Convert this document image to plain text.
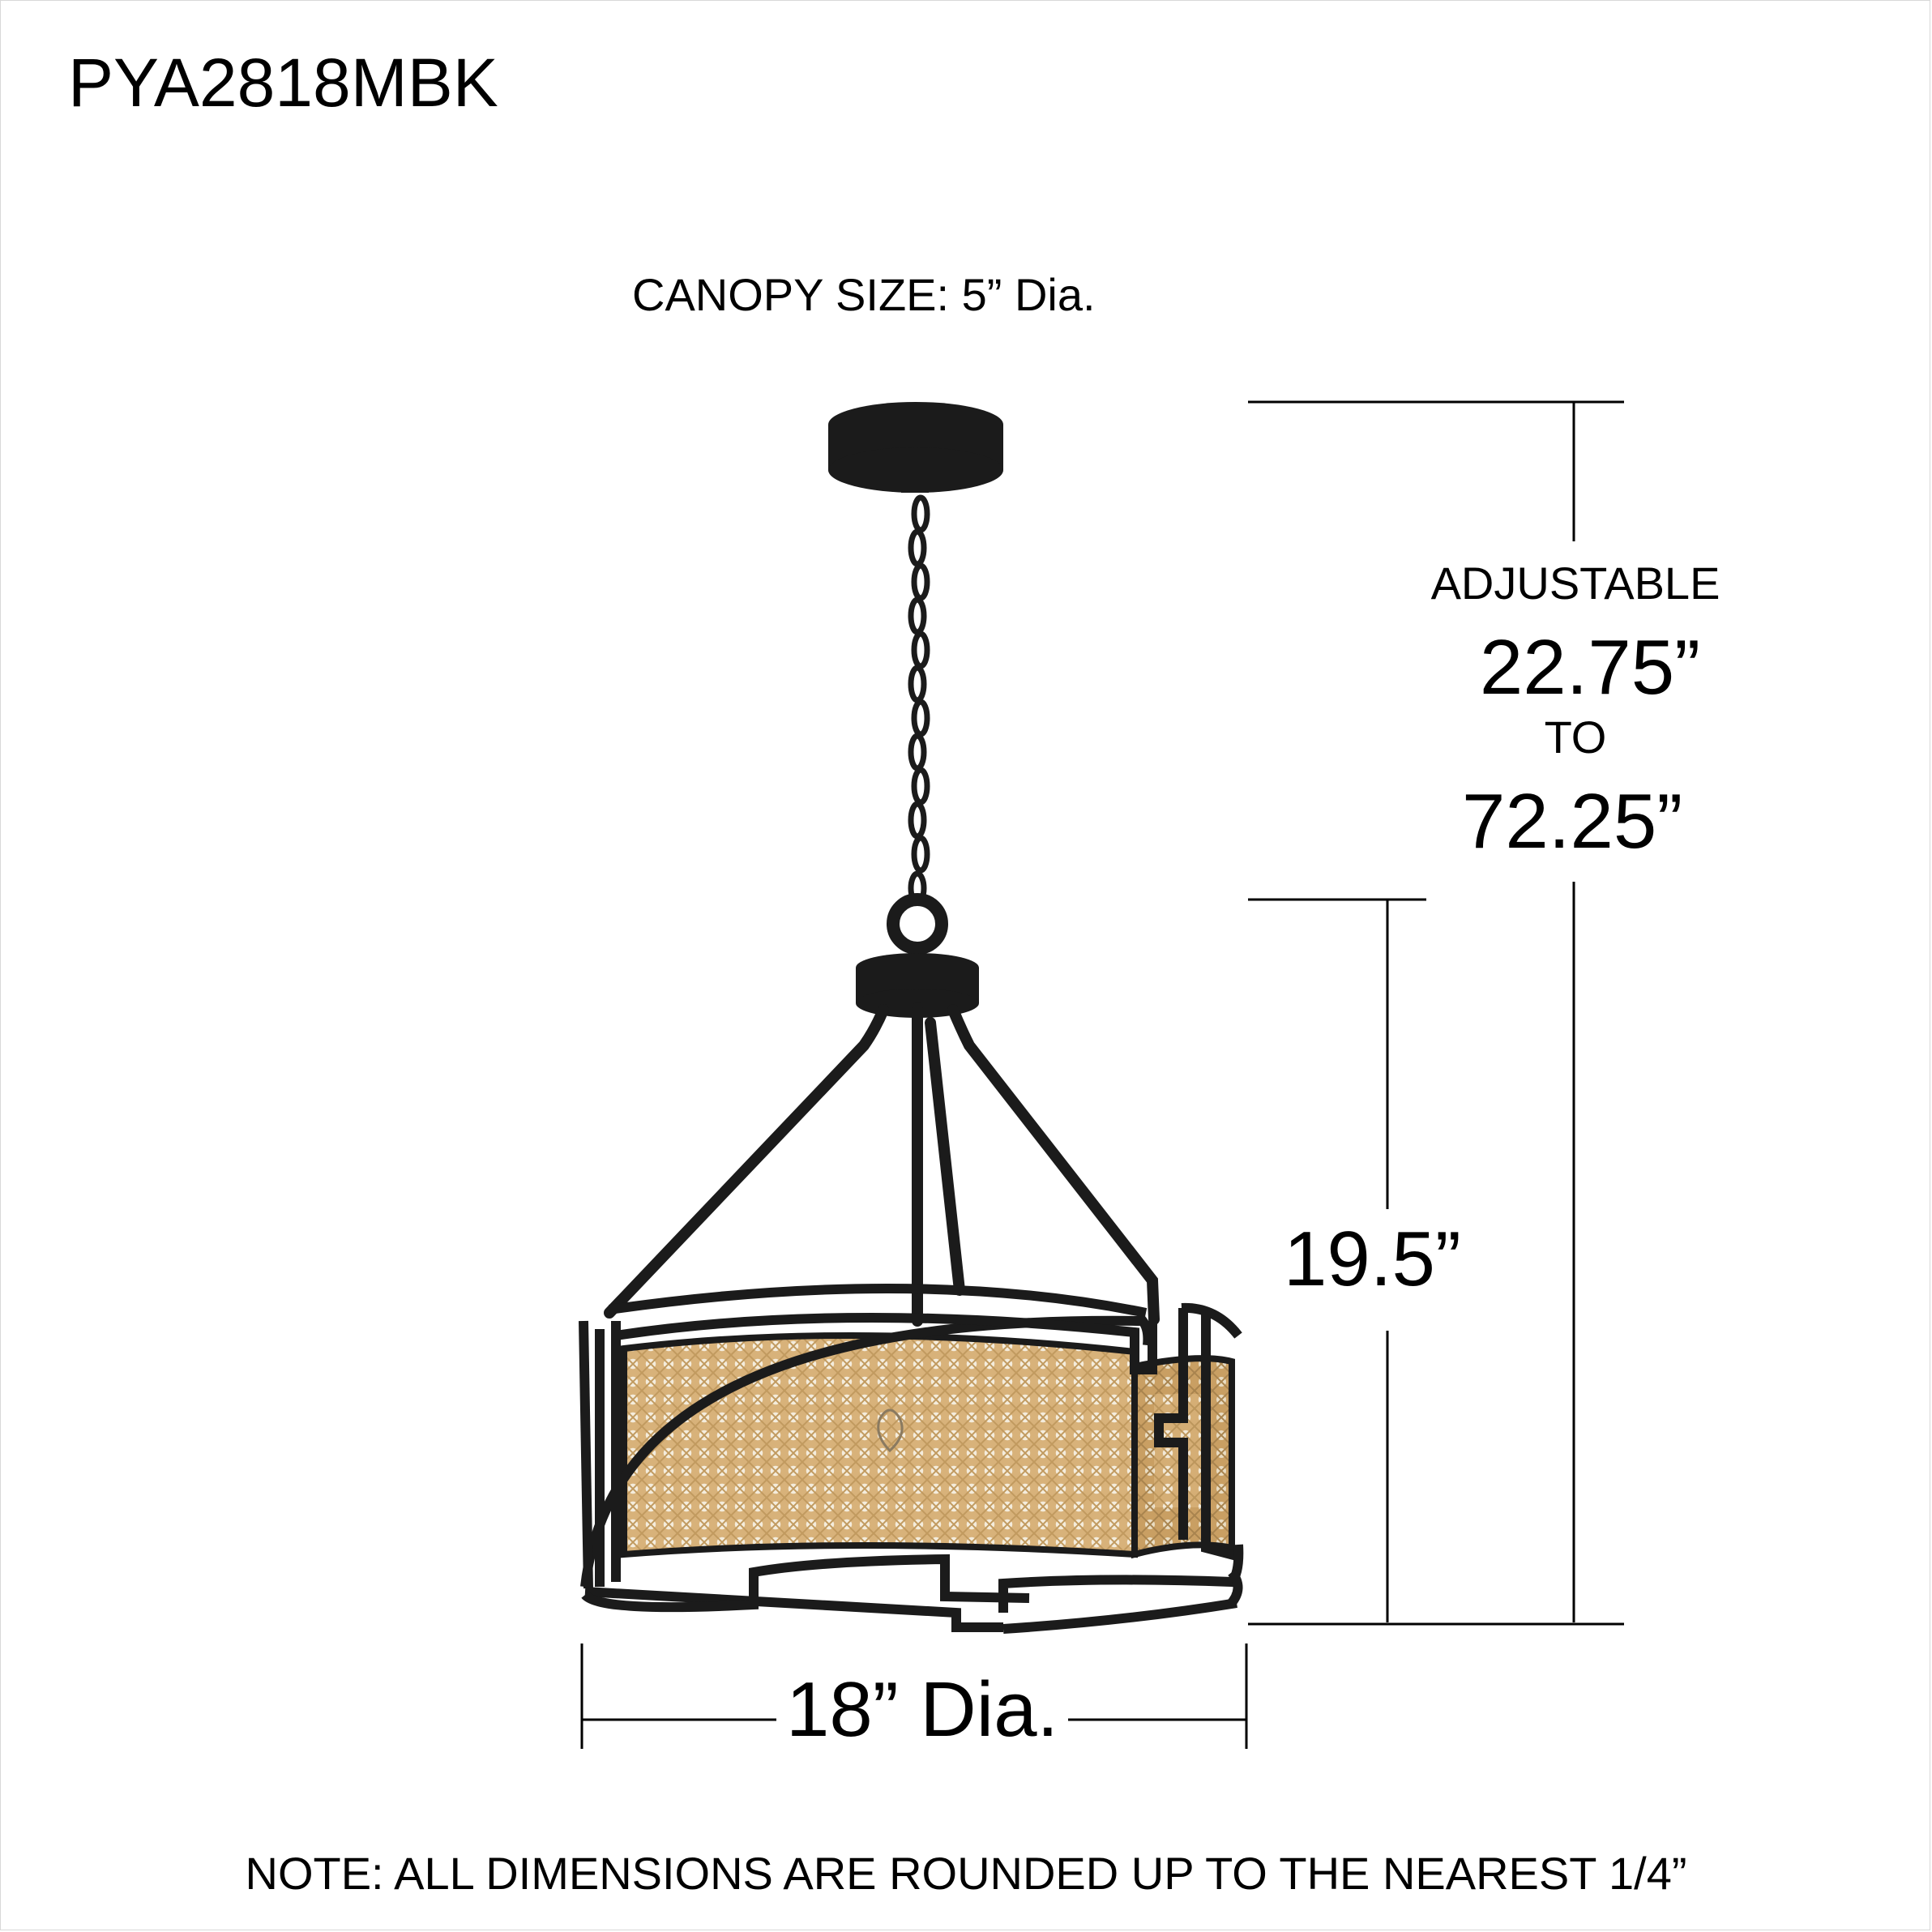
PYA2818MBK
CANOPY SIZE: 5” Dia.
ADJUSTABLE
22.75”
TO
72.25”
19.5”
18” Dia.
NOTE: ALL DIMENSIONS ARE ROUNDED UP TO THE NEAREST 1/4”
